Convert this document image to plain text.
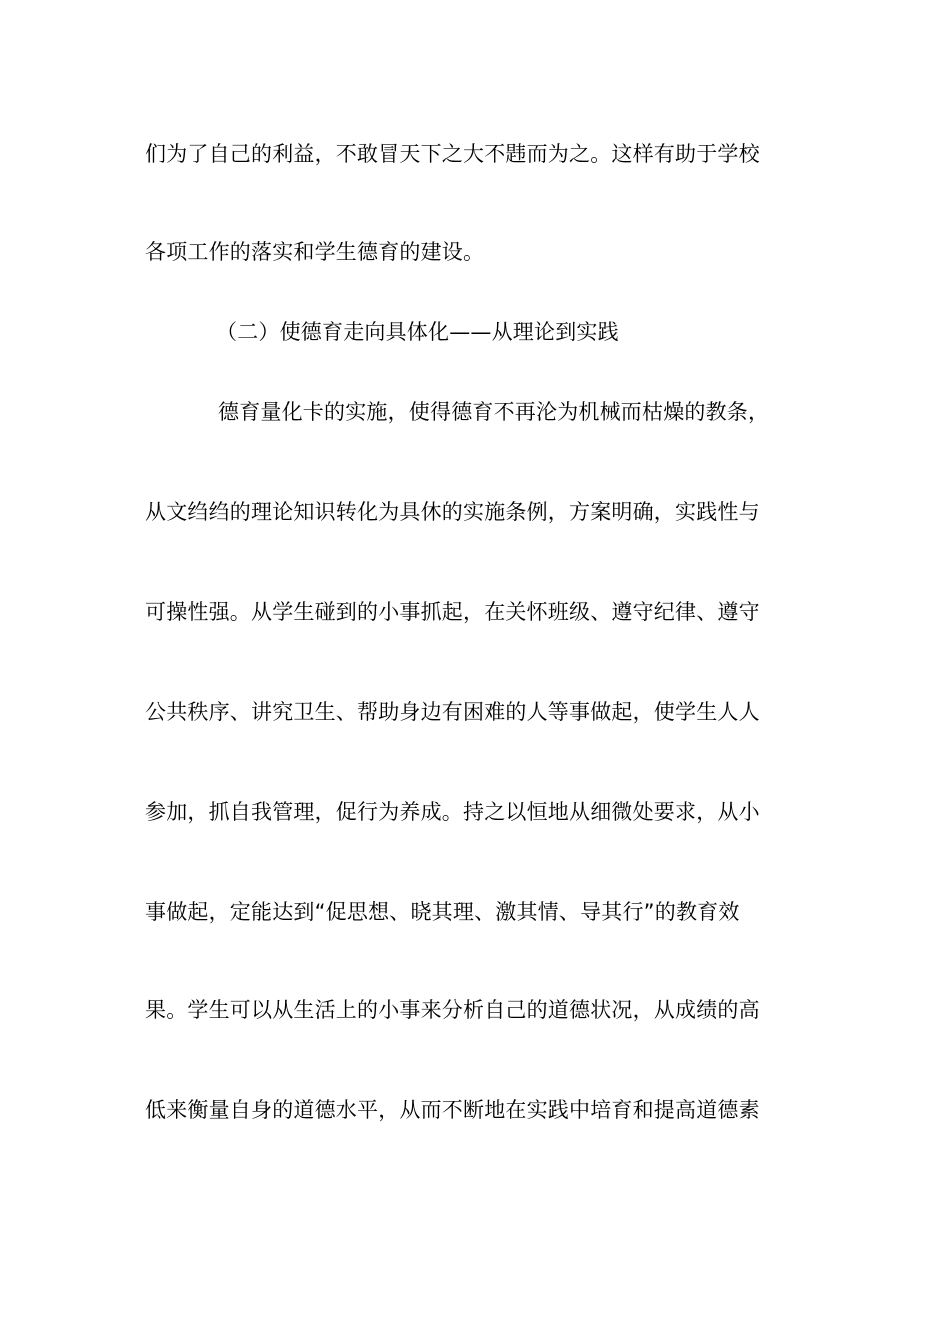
们为了自己的利益，不敢冒天下之大不韪而为之。这样有助于学校
各项工作的落实和学生德育的建设。
（二）使德育走向具体化——从理论到实践
德育量化卡的实施，使得德育不再沦为机械而枯燥的教条，
从文绉绉的理论知识转化为具休的实施条例，方案明确，实践性与
可操性强。从学生碰到的小事抓起，在关怀班级、遵守纪律、遵守
公共秩序、讲究卫生、帮助身边有困难的人等事做起，使学生人人
参加，抓自我管理，促行为养成。持之以恒地从细微处要求，从小
事做起，定能达到“促思想、晓其理、激其情、导其行”的教育效
果。学生可以从生活上的小事来分析自己的道德状况，从成绩的高
低来衡量自身的道德水平，从而不断地在实践中培育和提高道德素
